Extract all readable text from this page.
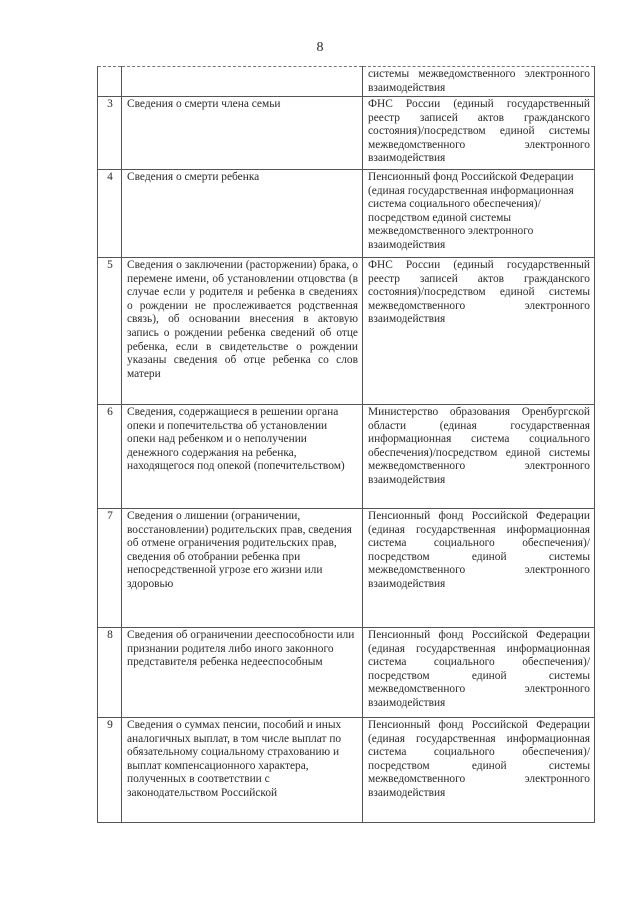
8
		системы межведомственного электронного взаимодействия
3	Сведения о смерти члена семьи	ФНС России (единый государственный реестр записей актов гражданского состояния)/посредством единой системы межведомственного электронного взаимодействия
4	Сведения о смерти ребенка	Пенсионный фонд Российской Федерации (единая государственная информационная система социального обеспечения)/посредством единой системы межведомственного электронного взаимодействия
5	Сведения о заключении (расторжении) брака, о перемене имени, об установлении отцовства (в случае если у родителя и ребенка в сведениях о рождении не прослеживается родственная связь), об основании внесения в актовую запись о рождении ребенка сведений об отце ребенка, если в свидетельстве о рождении указаны сведения об отце ребенка со слов матери	ФНС России (единый государственный реестр записей актов гражданского состояния)/посредством единой системы межведомственного электронного взаимодействия
6	Сведения, содержащиеся в решении органа опеки и попечительства об установлении опеки над ребенком и о неполучении денежного содержания на ребенка, находящегося под опекой (попечительством)	Министерство образования Оренбургской области (единая государственная информационная система социального обеспечения)/посредством единой системы межведомственного электронного взаимодействия
7	Сведения о лишении (ограничении, восстановлении) родительских прав, сведения об отмене ограничения родительских прав, сведения об отобрании ребенка при непосредственной угрозе его жизни или здоровью	Пенсионный фонд Российской Федерации (единая государственная информационная система социального обеспечения)/посредством единой системы межведомственного электронного взаимодействия
8	Сведения об ограничении дееспособности или признании родителя либо иного законного представителя ребенка недееспособным	Пенсионный фонд Российской Федерации (единая государственная информационная система социального обеспечения)/посредством единой системы межведомственного электронного взаимодействия
9	Сведения о суммах пенсии, пособий и иных аналогичных выплат, в том числе выплат по обязательному социальному страхованию и выплат компенсационного характера, полученных в соответствии с законодательством Российской	Пенсионный фонд Российской Федерации (единая государственная информационная система социального обеспечения)/посредством единой системы межведомственного электронного взаимодействия
